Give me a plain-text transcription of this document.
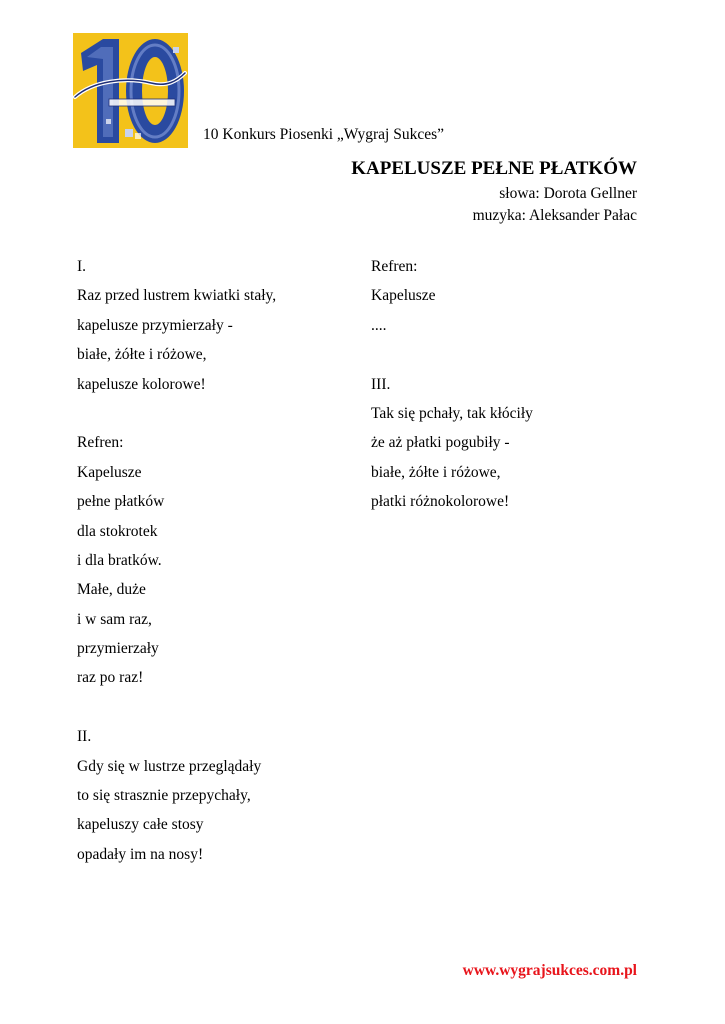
10 Konkurs Piosenki „Wygraj Sukces”
KAPELUSZE PEŁNE PŁATKÓW
słowa: Dorota Gellner
muzyka: Aleksander Pałac
I.
Raz przed lustrem kwiatki stały,
kapelusze przymierzały -
białe, żółte i różowe,
kapelusze kolorowe!
Refren:
Kapelusze
pełne płatków
dla stokrotek
i dla bratków.
Małe, duże
i w sam raz,
przymierzały
raz po raz!
II.
Gdy się w lustrze przeglądały
to się strasznie przepychały,
kapeluszy całe stosy
opadały im na nosy!
Refren:
Kapelusze
....
III.
Tak się pchały, tak kłóciły
że aż płatki pogubiły -
białe, żółte i różowe,
płatki różnokolorowe!
www.wygrajsukces.com.pl
